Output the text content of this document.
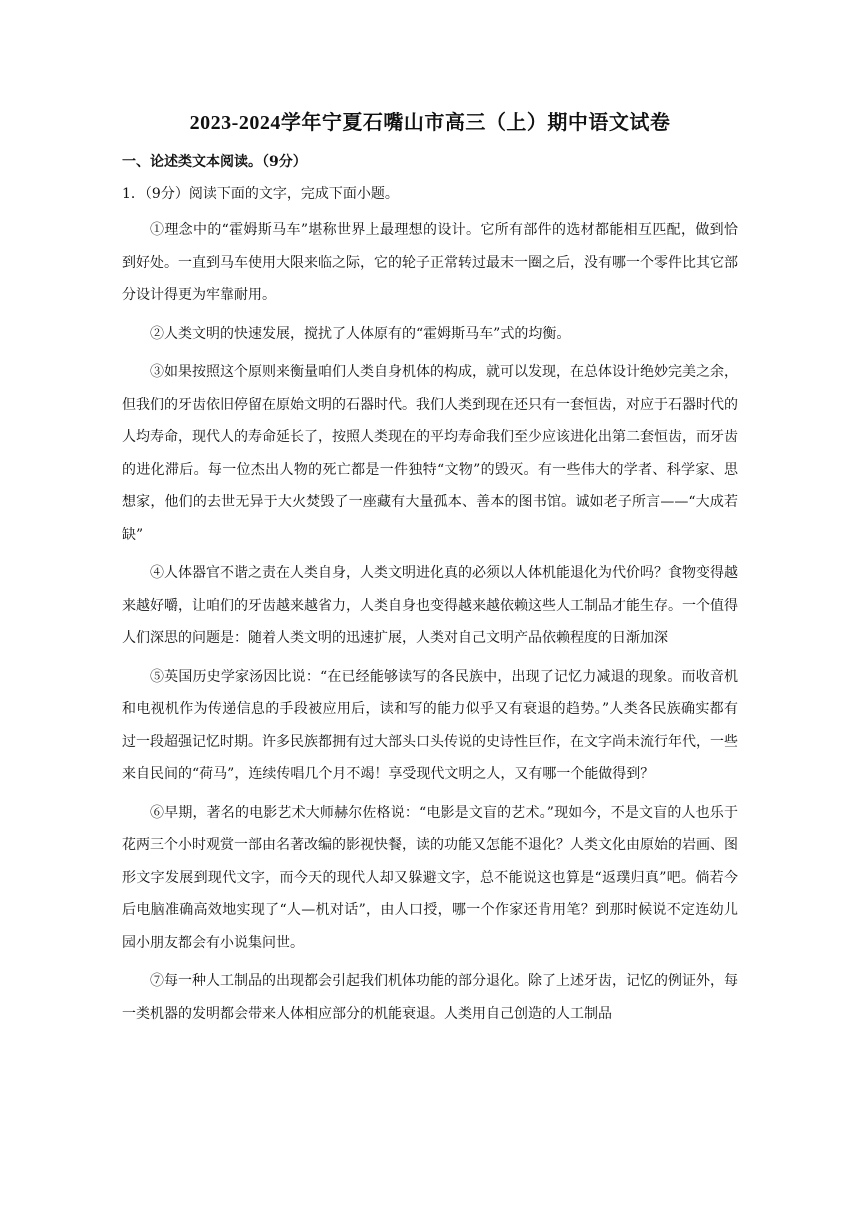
2023-2024学年宁夏石嘴山市高三（上）期中语文试卷
一、论述类文本阅读。（9分）
1．（9分）阅读下面的文字，完成下面小题。

①理念中的“霍姆斯马车”堪称世界上最理想的设计。它所有部件的选材都能相互匹配，做到恰到好处。一直到马车使用大限来临之际，它的轮子正常转过最末一圈之后，没有哪一个零件比其它部分设计得更为牢靠耐用。

②人类文明的快速发展，搅扰了人体原有的“霍姆斯马车”式的均衡。

③如果按照这个原则来衡量咱们人类自身机体的构成，就可以发现，在总体设计绝妙完美之余，但我们的牙齿依旧停留在原始文明的石器时代。我们人类到现在还只有一套恒齿，对应于石器时代的人均寿命，现代人的寿命延长了，按照人类现在的平均寿命我们至少应该进化出第二套恒齿，而牙齿的进化滞后。每一位杰出人物的死亡都是一件独特“文物”的毁灭。有一些伟大的学者、科学家、思想家，他们的去世无异于大火焚毁了一座藏有大量孤本、善本的图书馆。诚如老子所言——“大成若缺”

④人体器官不谐之责在人类自身，人类文明进化真的必须以人体机能退化为代价吗？食物变得越来越好嚼，让咱们的牙齿越来越省力，人类自身也变得越来越依赖这些人工制品才能生存。一个值得人们深思的问题是：随着人类文明的迅速扩展，人类对自己文明产品依赖程度的日渐加深

⑤英国历史学家汤因比说：“在已经能够读写的各民族中，出现了记忆力减退的现象。而收音机和电视机作为传递信息的手段被应用后，读和写的能力似乎又有衰退的趋势。”人类各民族确实都有过一段超强记忆时期。许多民族都拥有过大部头口头传说的史诗性巨作，在文字尚未流行年代，一些来自民间的“荷马”，连续传唱几个月不竭！享受现代文明之人，又有哪一个能做得到？

⑥早期，著名的电影艺术大师赫尔佐格说：“电影是文盲的艺术。”现如今，不是文盲的人也乐于花两三个小时观赏一部由名著改编的影视快餐，读的功能又怎能不退化？人类文化由原始的岩画、图形文字发展到现代文字，而今天的现代人却又躲避文字，总不能说这也算是“返璞归真”吧。倘若今后电脑准确高效地实现了“人—机对话”，由人口授，哪一个作家还肯用笔？到那时候说不定连幼儿园小朋友都会有小说集问世。

⑦每一种人工制品的出现都会引起我们机体功能的部分退化。除了上述牙齿，记忆的例证外，每一类机器的发明都会带来人体相应部分的机能衰退。人类用自己创造的人工制品
